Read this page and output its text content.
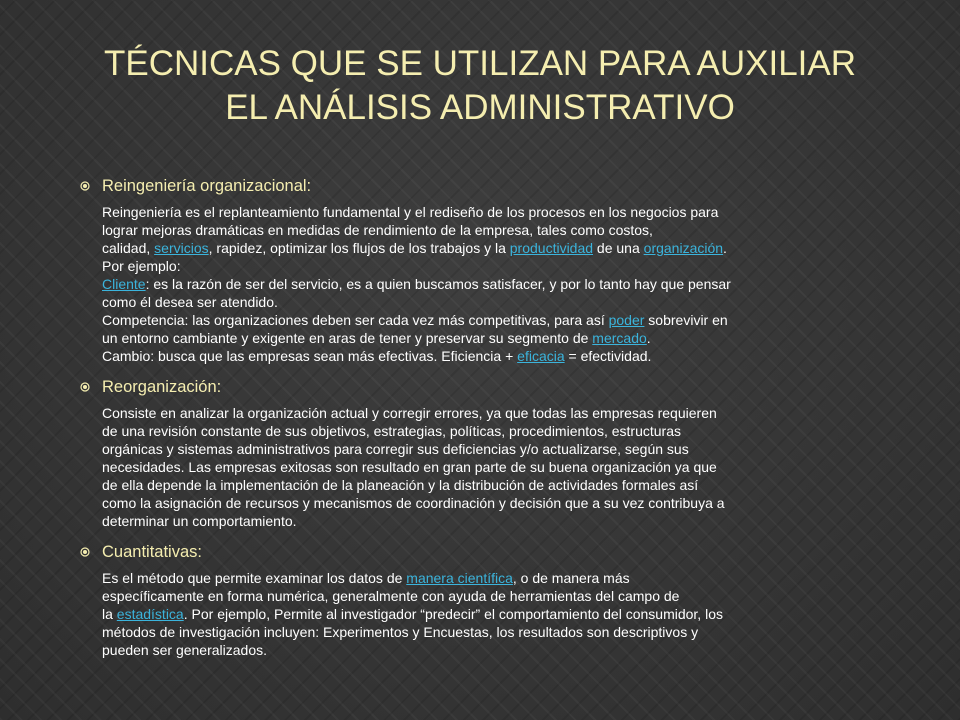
TÉCNICAS QUE SE UTILIZAN PARA AUXILIAR
EL ANÁLISIS ADMINISTRATIVO
Reingeniería organizacional:
Reingeniería es el replanteamiento fundamental y el rediseño de los procesos en los negocios para
lograr mejoras dramáticas en medidas de rendimiento de la empresa, tales como costos,
calidad, servicios, rapidez, optimizar los flujos de los trabajos y la productividad de una organización.
Por ejemplo:
Cliente: es la razón de ser del servicio, es a quien buscamos satisfacer, y por lo tanto hay que pensar
como él desea ser atendido.
Competencia: las organizaciones deben ser cada vez más competitivas, para así poder sobrevivir en
un entorno cambiante y exigente en aras de tener y preservar su segmento de mercado.
Cambio: busca que las empresas sean más efectivas. Eficiencia + eficacia = efectividad.
Reorganización:
Consiste en analizar la organización actual y corregir errores, ya que todas las empresas requieren
de una revisión constante de sus objetivos, estrategias, políticas, procedimientos, estructuras
orgánicas y sistemas administrativos para corregir sus deficiencias y/o actualizarse, según sus
necesidades. Las empresas exitosas son resultado en gran parte de su buena organización ya que
de ella depende la implementación de la planeación y la distribución de actividades formales así
como la asignación de recursos y mecanismos de coordinación y decisión que a su vez contribuya a
determinar un comportamiento.
Cuantitativas:
Es el método que permite examinar los datos de manera científica, o de manera más
específicamente en forma numérica, generalmente con ayuda de herramientas del campo de
la estadística. Por ejemplo, Permite al investigador “predecir” el comportamiento del consumidor, los
métodos de investigación incluyen: Experimentos y Encuestas, los resultados son descriptivos y
pueden ser generalizados.
